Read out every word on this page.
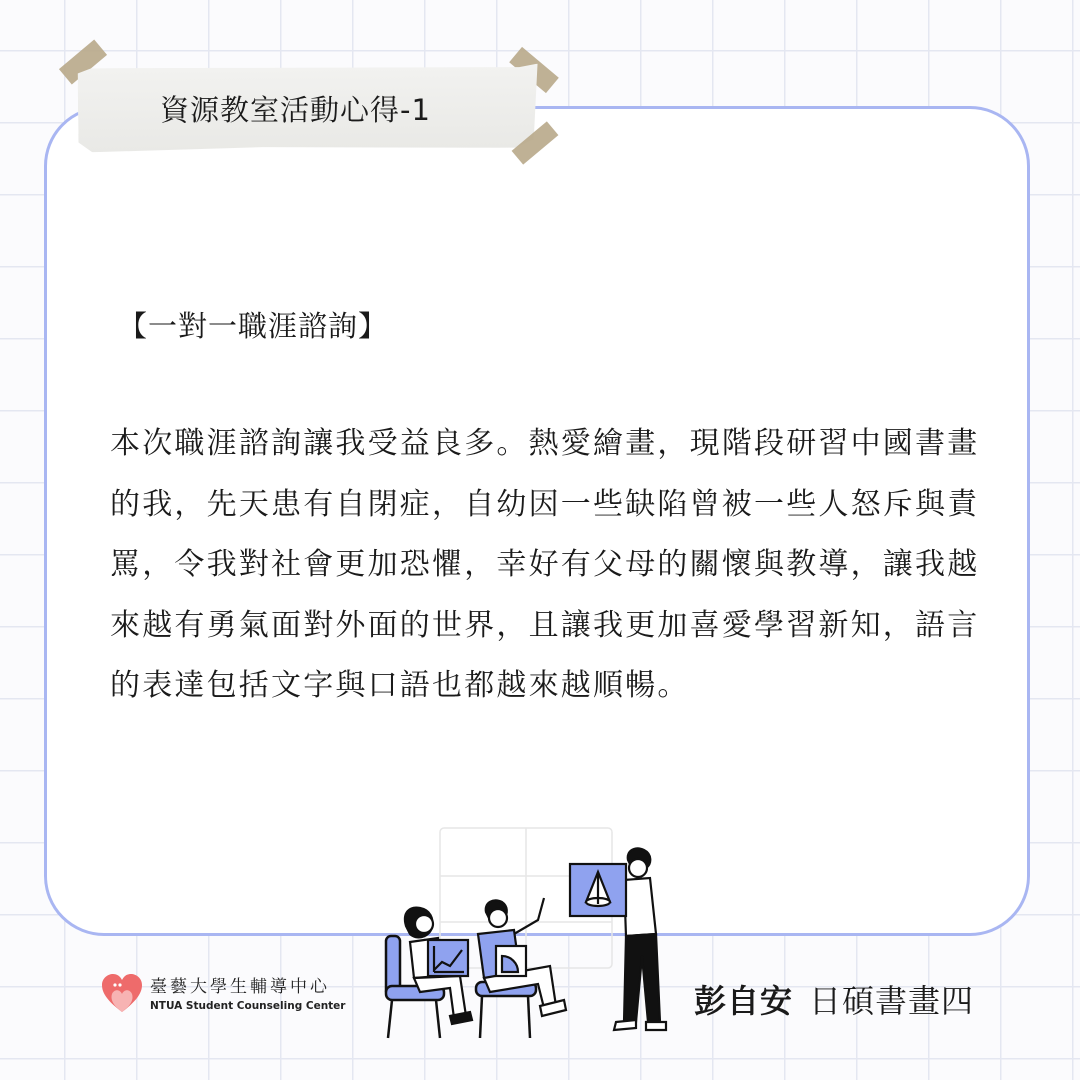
資源教室活動心得-1

【一對一職涯諮詢】

本次職涯諮詢讓我受益良多。熱愛繪畫，現階段研習中國書畫的我，先天患有自閉症，自幼因一些缺陷曾被一些人怒斥與責罵，令我對社會更加恐懼，幸好有父母的關懷與教導，讓我越來越有勇氣面對外面的世界，且讓我更加喜愛學習新知，語言的表達包括文字與口語也都越來越順暢。

臺藝大學生輔導中心
NTUA Student Counseling Center	彭自安 日碩書畫四
